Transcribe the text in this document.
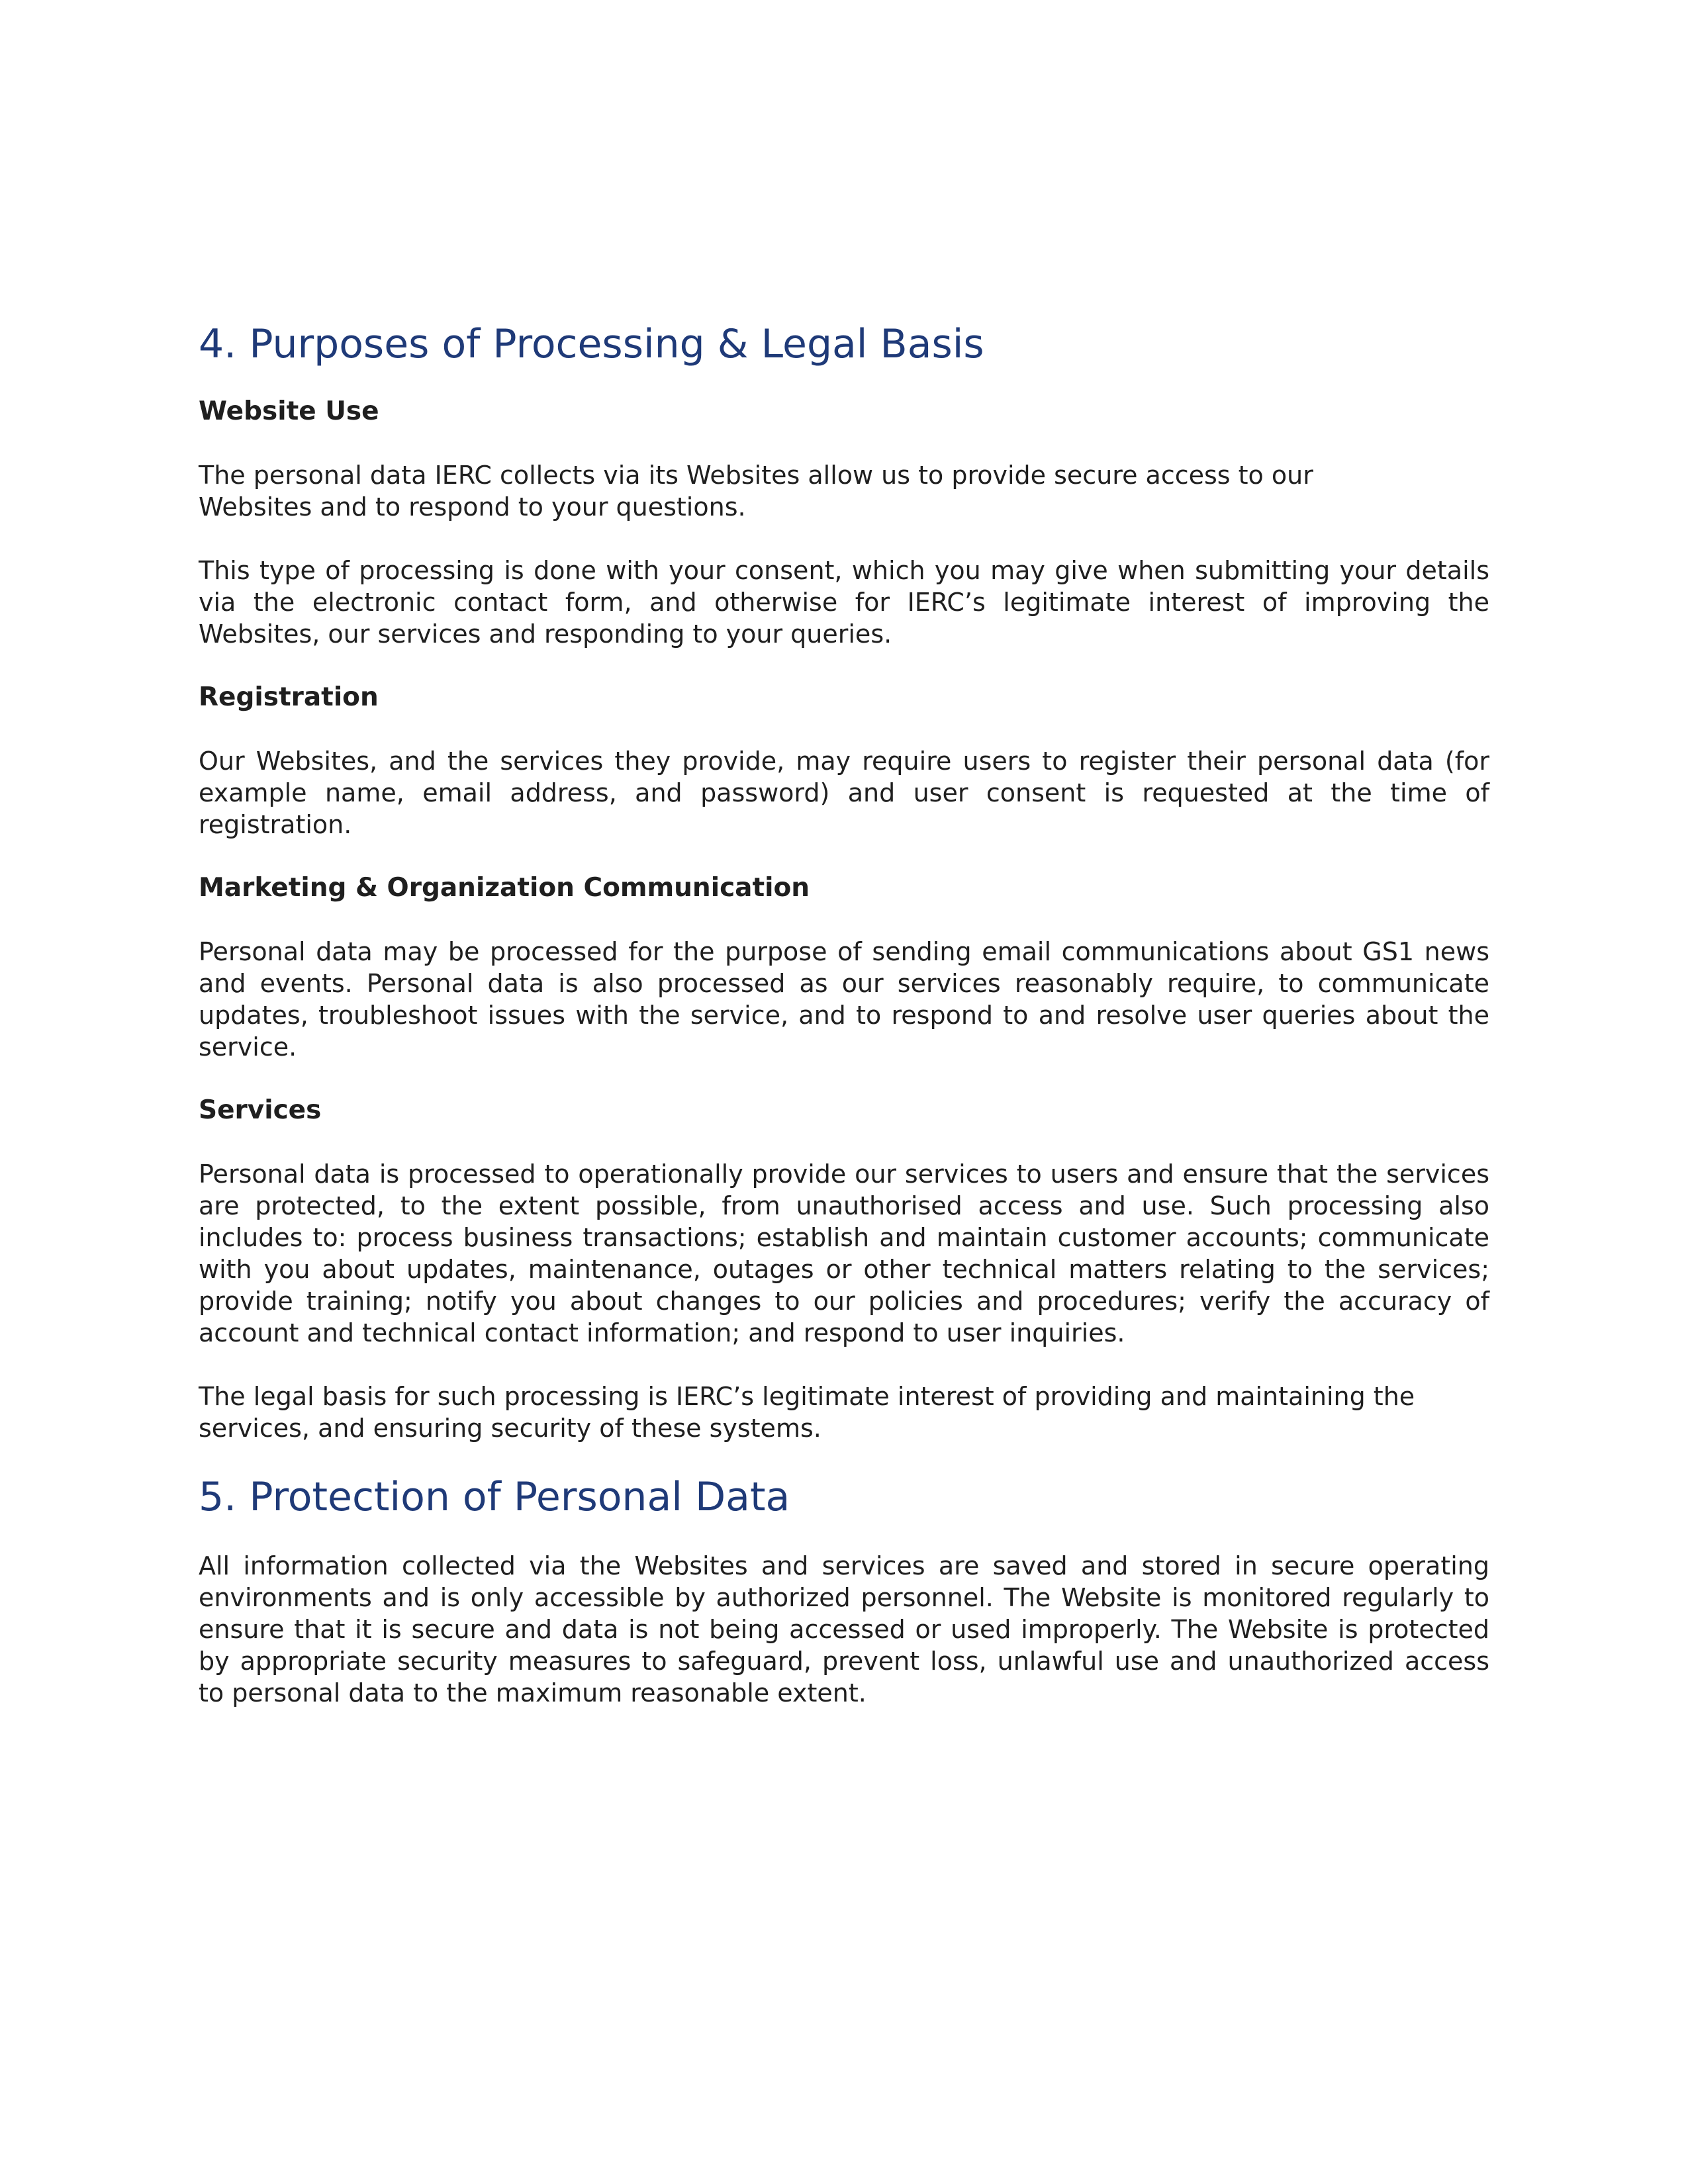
4. Purposes of Processing & Legal Basis
Website Use

The personal data IERC collects via its Websites allow us to provide secure access to our Websites and to respond to your questions.

This type of processing is done with your consent, which you may give when submitting your details via the electronic contact form, and otherwise for IERC’s legitimate interest of improving the Websites, our services and responding to your queries.

Registration

Our Websites, and the services they provide, may require users to register their personal data (for example name, email address, and password) and user consent is requested at the time of registration.

Marketing & Organization Communication

Personal data may be processed for the purpose of sending email communications about GS1 news and events. Personal data is also processed as our services reasonably require, to communicate updates, troubleshoot issues with the service, and to respond to and resolve user queries about the service.

Services

Personal data is processed to operationally provide our services to users and ensure that the services are protected, to the extent possible, from unauthorised access and use. Such processing also includes to: process business transactions; establish and maintain customer accounts; communicate with you about updates, maintenance, outages or other technical matters relating to the services; provide training; notify you about changes to our policies and procedures; verify the accuracy of account and technical contact information; and respond to user inquiries.

The legal basis for such processing is IERC’s legitimate interest of providing and maintaining the services, and ensuring security of these systems.

5. Protection of Personal Data

All information collected via the Websites and services are saved and stored in secure operating environments and is only accessible by authorized personnel. The Website is monitored regularly to ensure that it is secure and data is not being accessed or used improperly. The Website is protected by appropriate security measures to safeguard, prevent loss, unlawful use and unauthorized access to personal data to the maximum reasonable extent.
